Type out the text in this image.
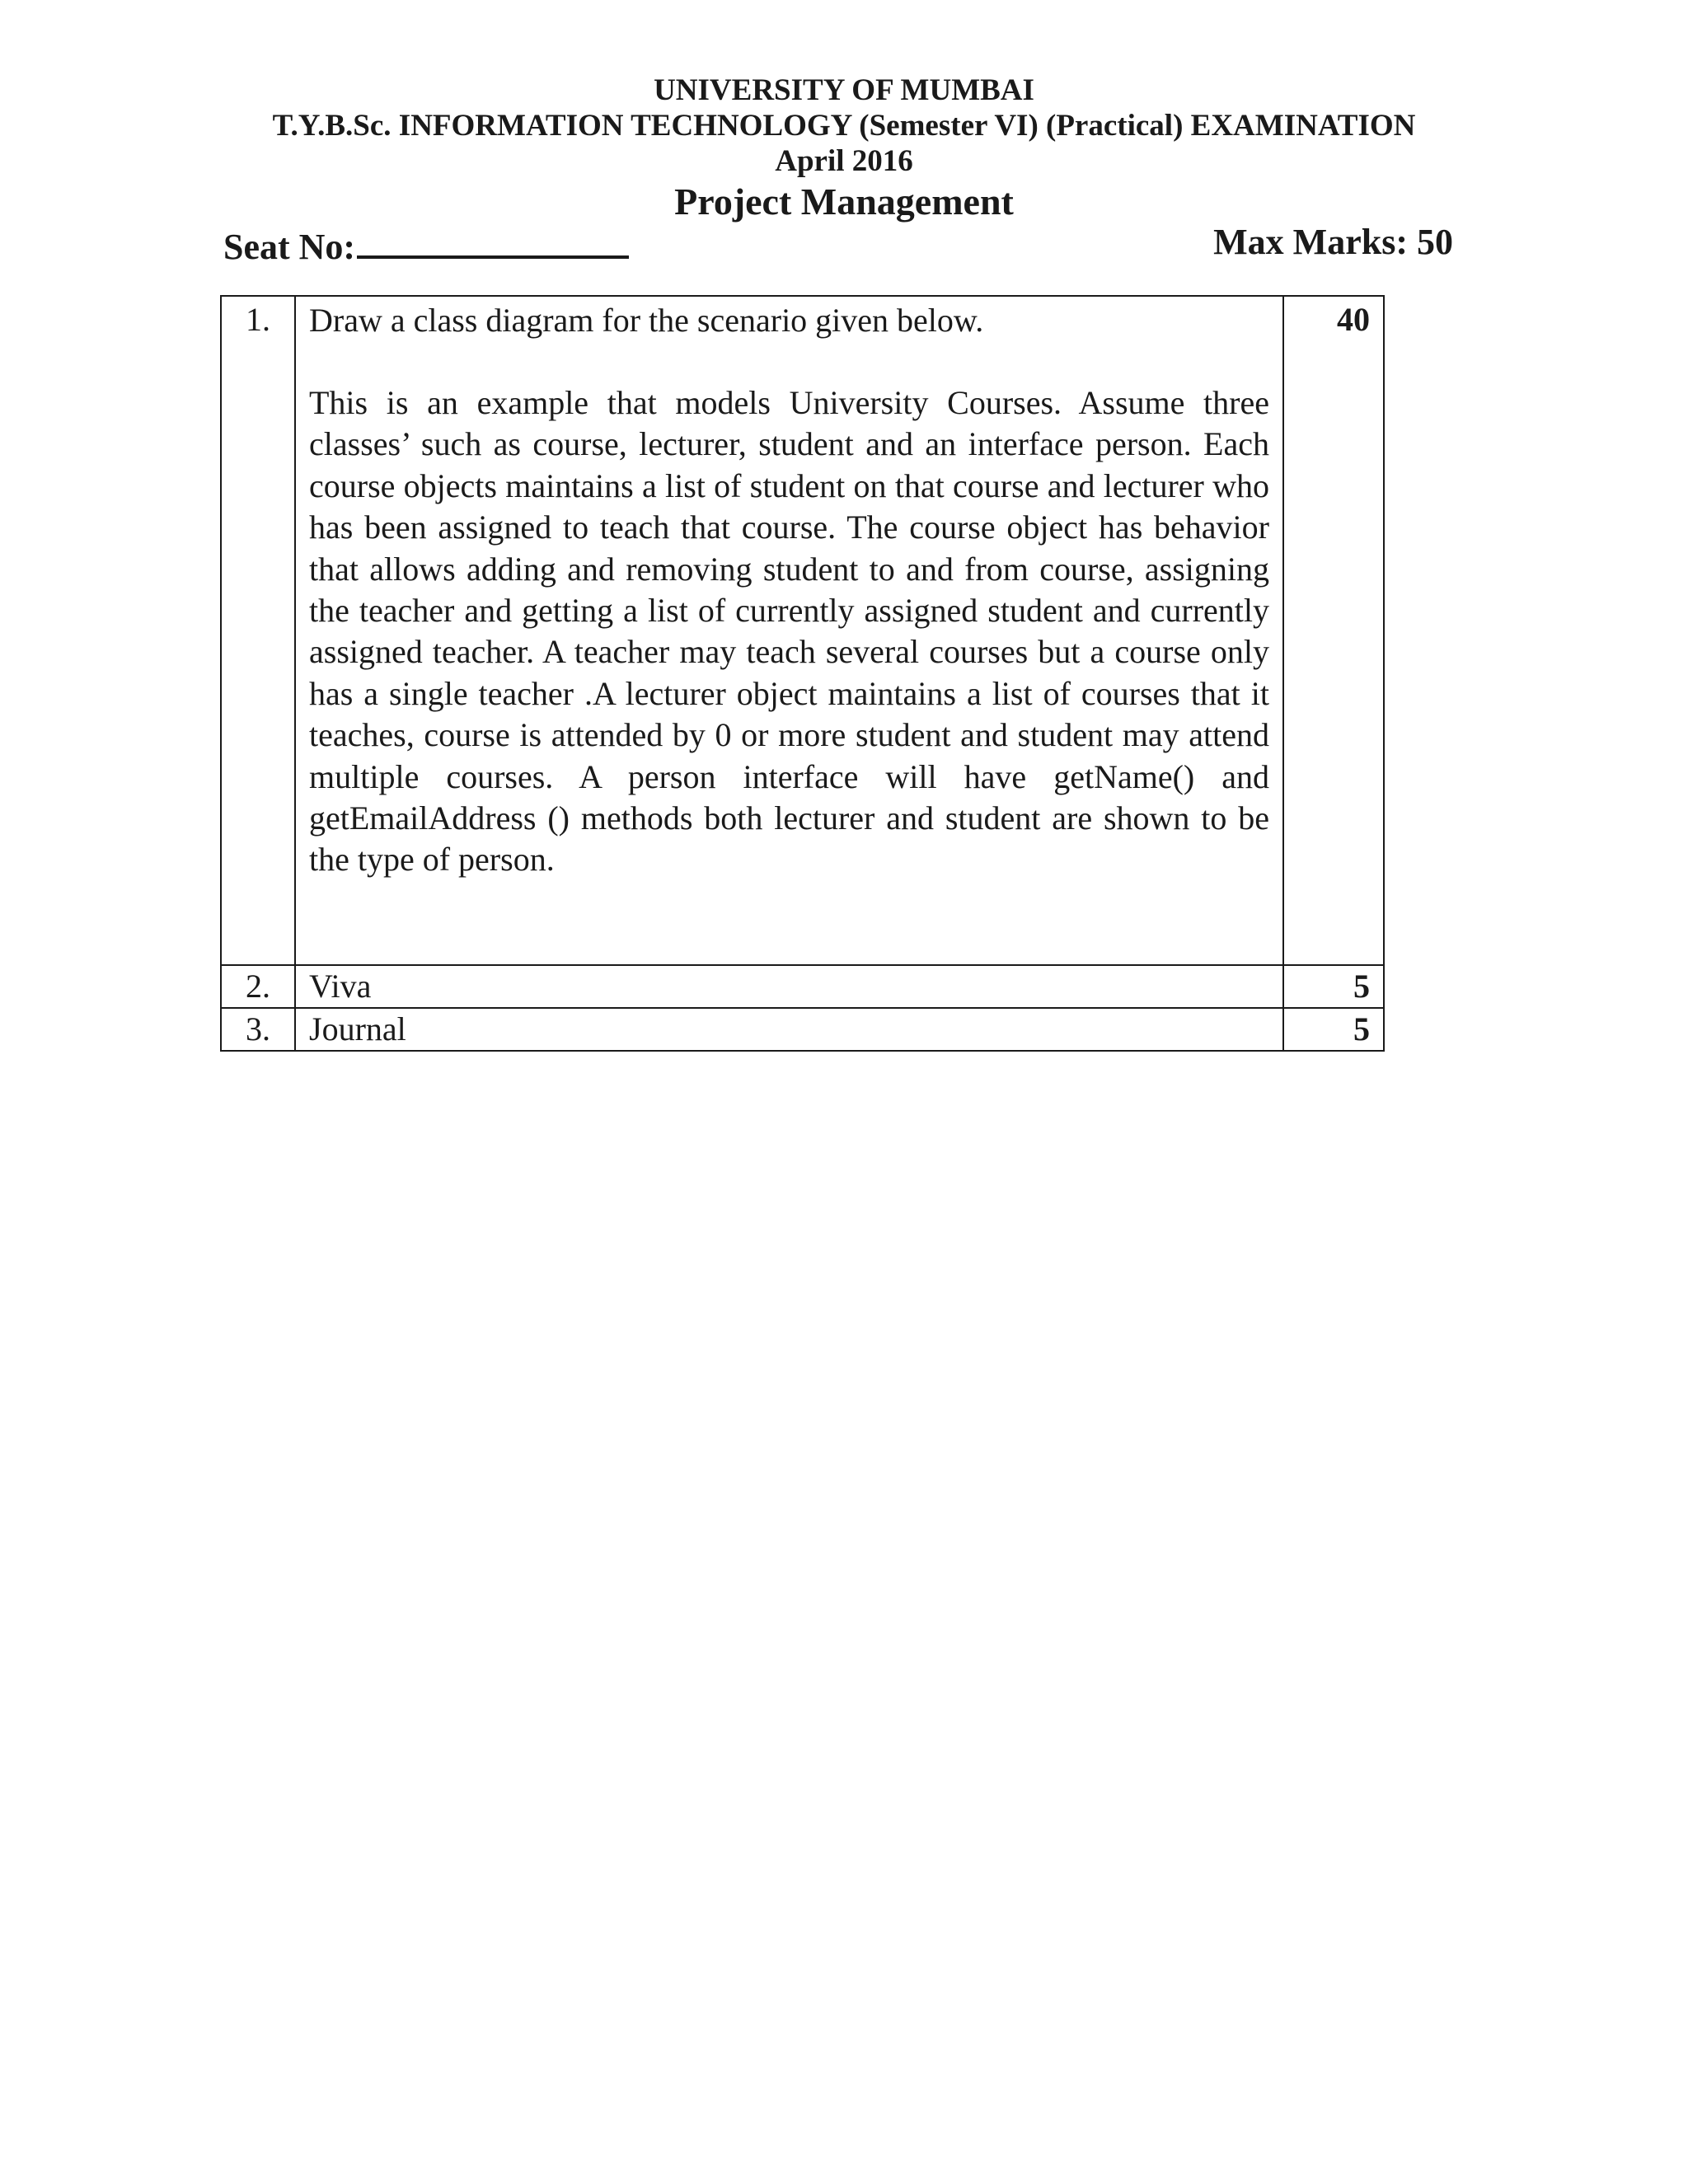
UNIVERSITY OF MUMBAI
T.Y.B.Sc. INFORMATION TECHNOLOGY (Semester VI) (Practical) EXAMINATION
April 2016
Project Management
Seat No:	Max Marks: 50
1.	Draw a class diagram for the scenario given below.

This is an example that models University Courses. Assume three classes’ such as course, lecturer, student and an interface person. Each course objects maintains a list of student on that course and lecturer who has been assigned to teach that course. The course object has behavior that allows adding and removing student to and from course, assigning the teacher and getting a list of currently assigned student and currently assigned teacher. A teacher may teach several courses but a course only has a single teacher .A lecturer object maintains a list of courses that it teaches, course is attended by 0 or more student and student may attend multiple courses. A person interface will have getName() and getEmailAddress () methods both lecturer and student are shown to be the type of person.	40
2.	Viva	5
3.	Journal	5
